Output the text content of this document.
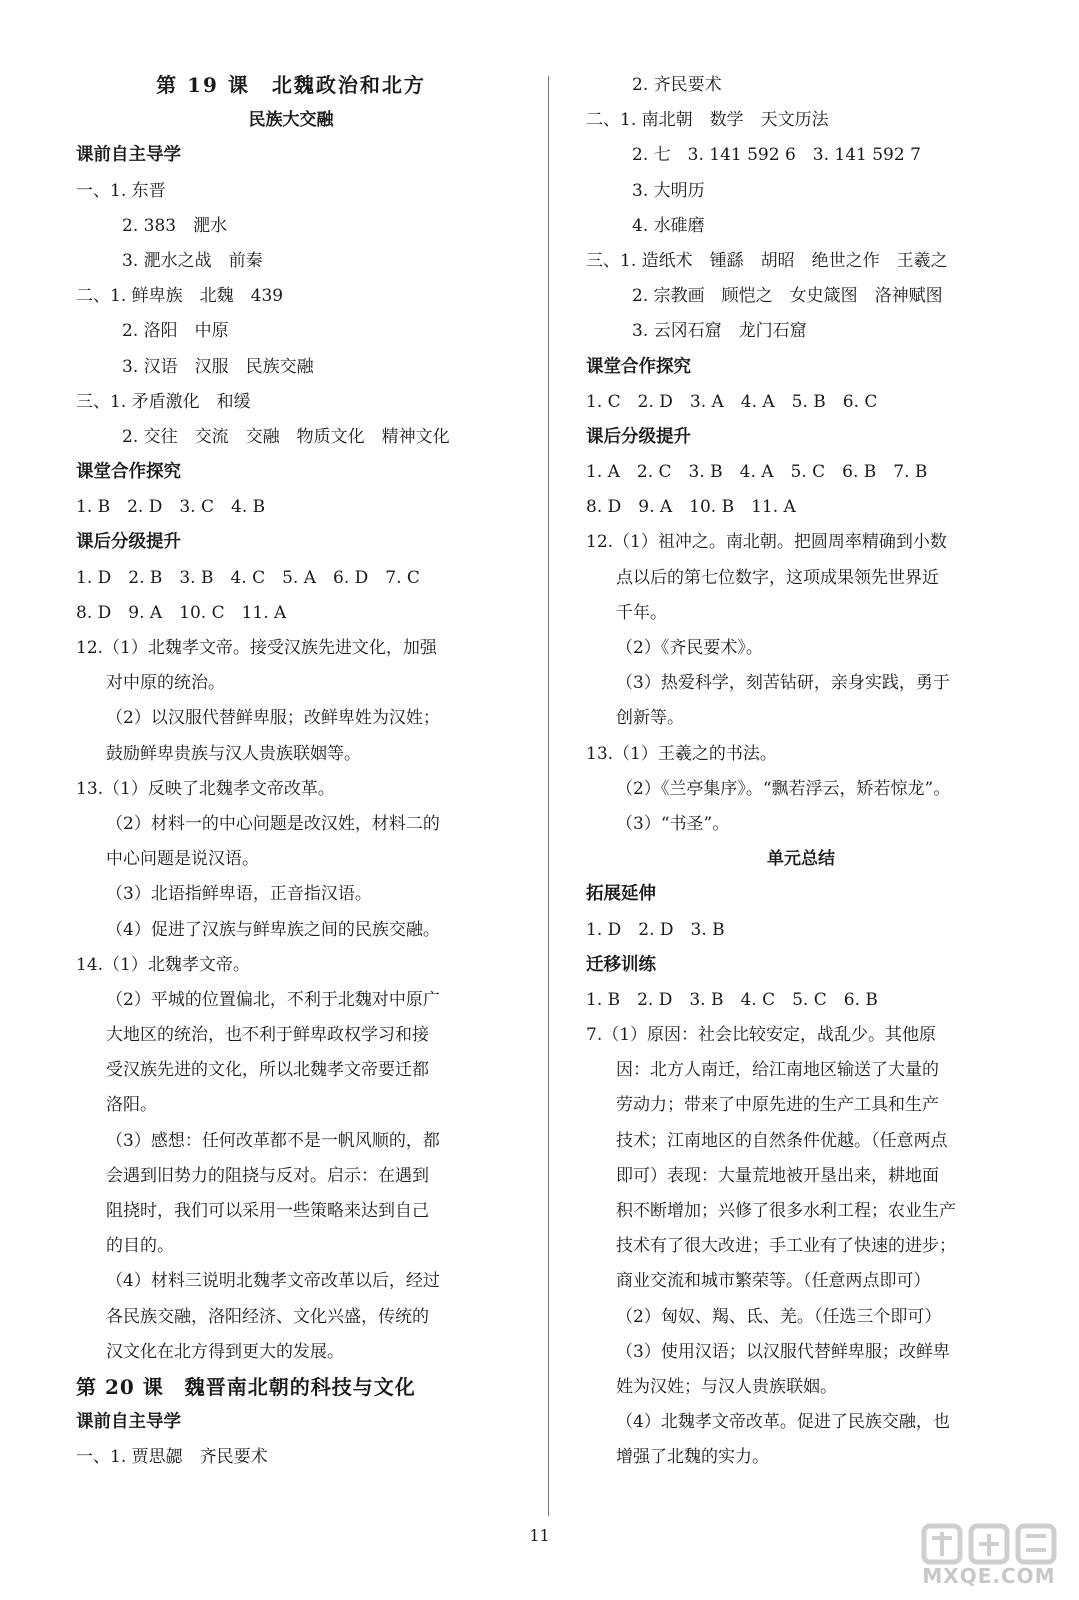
第 19 课　北魏政治和北方
民族大交融
课前自主导学
一、1. 东晋
2. 383　淝水
3. 淝水之战　前秦
二、1. 鲜卑族　北魏　439
2. 洛阳　中原
3. 汉语　汉服　民族交融
三、1. 矛盾激化　和缓
2. 交往　交流　交融　物质文化　精神文化
课堂合作探究
1. B　2. D　3. C　4. B
课后分级提升
1. D　2. B　3. B　4. C　5. A　6. D　7. C
8. D　9. A　10. C　11. A
12.（1）北魏孝文帝。接受汉族先进文化，加强
对中原的统治。
（2）以汉服代替鲜卑服；改鲜卑姓为汉姓；
鼓励鲜卑贵族与汉人贵族联姻等。
13.（1）反映了北魏孝文帝改革。
（2）材料一的中心问题是改汉姓，材料二的
中心问题是说汉语。
（3）北语指鲜卑语，正音指汉语。
（4）促进了汉族与鲜卑族之间的民族交融。
14.（1）北魏孝文帝。
（2）平城的位置偏北，不利于北魏对中原广
大地区的统治，也不利于鲜卑政权学习和接
受汉族先进的文化，所以北魏孝文帝要迁都
洛阳。
（3）感想：任何改革都不是一帆风顺的，都
会遇到旧势力的阻挠与反对。启示：在遇到
阻挠时，我们可以采用一些策略来达到自己
的目的。
（4）材料三说明北魏孝文帝改革以后，经过
各民族交融，洛阳经济、文化兴盛，传统的
汉文化在北方得到更大的发展。
第 20 课　魏晋南北朝的科技与文化
课前自主导学
一、1. 贾思勰　齐民要术
2. 齐民要术
二、1. 南北朝　数学　天文历法
2. 七　3. 141 592 6　3. 141 592 7
3. 大明历
4. 水碓磨
三、1. 造纸术　锺繇　胡昭　绝世之作　王羲之
2. 宗教画　顾恺之　女史箴图　洛神赋图
3. 云冈石窟　龙门石窟
课堂合作探究
1. C　2. D　3. A　4. A　5. B　6. C
课后分级提升
1. A　2. C　3. B　4. A　5. C　6. B　7. B
8. D　9. A　10. B　11. A
12.（1）祖冲之。南北朝。把圆周率精确到小数
点以后的第七位数字，这项成果领先世界近
千年。
（2）《齐民要术》。
（3）热爱科学，刻苦钻研，亲身实践，勇于
创新等。
13.（1）王羲之的书法。
（2）《兰亭集序》。“飘若浮云，矫若惊龙”。
（3）“书圣”。
单元总结
拓展延伸
1. D　2. D　3. B
迁移训练
1. B　2. D　3. B　4. C　5. C　6. B
7.（1）原因：社会比较安定，战乱少。其他原
因：北方人南迁，给江南地区输送了大量的
劳动力；带来了中原先进的生产工具和生产
技术；江南地区的自然条件优越。（任意两点
即可）表现：大量荒地被开垦出来，耕地面
积不断增加；兴修了很多水利工程；农业生产
技术有了很大改进；手工业有了快速的进步；
商业交流和城市繁荣等。（任意两点即可）
（2）匈奴、羯、氐、羌。（任选三个即可）
（3）使用汉语；以汉服代替鲜卑服；改鲜卑
姓为汉姓；与汉人贵族联姻。
（4）北魏孝文帝改革。促进了民族交融，也
增强了北魏的实力。
11
MXQE.COM
